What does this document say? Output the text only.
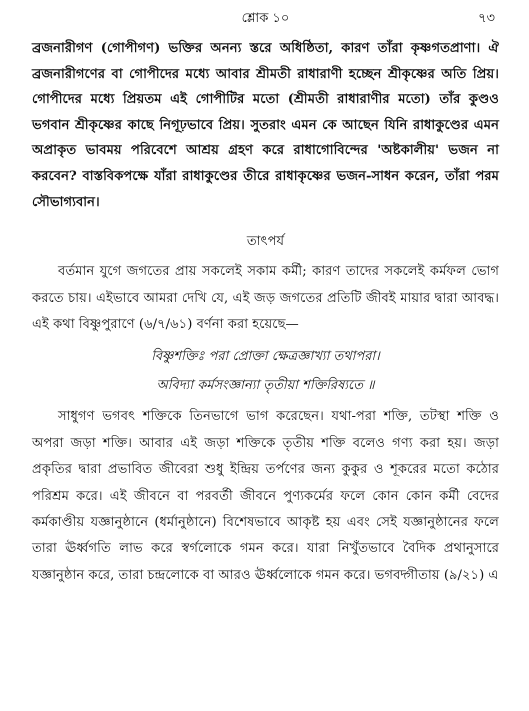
শ্লোক ১০	৭৩

ব্রজনারীগণ (গোপীগণ) ভক্তির অনন্য স্তরে অধিষ্ঠিতা, কারণ তাঁরা কৃষ্ণগতপ্রাণা। ঐ ব্রজনারীগণের বা গোপীদের মধ্যে আবার শ্রীমতী রাধারাণী হচ্ছেন শ্রীকৃষ্ণের অতি প্রিয়। গোপীদের মধ্যে প্রিয়তম এই গোপীটির মতো (শ্রীমতী রাধারাণীর মতো) তাঁর কুণ্ডও ভগবান শ্রীকৃষ্ণের কাছে নিগূঢ়ভাবে প্রিয়। সুতরাং এমন কে আছেন যিনি রাধাকুণ্ডের এমন অপ্রাকৃত ভাবময় পরিবেশে আশ্রয় গ্রহণ করে রাধাগোবিন্দের 'অষ্টকালীয়' ভজন না করবেন? বাস্তবিকপক্ষে যাঁরা রাধাকুণ্ডের তীরে রাধাকৃষ্ণের ভজন-সাধন করেন, তাঁরা পরম সৌভাগ্যবান।

তাৎপর্য

বর্তমান যুগে জগতের প্রায় সকলেই সকাম কর্মী; কারণ তাদের সকলেই কর্মফল ভোগ করতে চায়। এইভাবে আমরা দেখি যে, এই জড় জগতের প্রতিটি জীবই মায়ার দ্বারা আবদ্ধ। এই কথা বিষ্ণুপুরাণে (৬/৭/৬১) বর্ণনা করা হয়েছে—

বিষ্ণুশক্তিঃ পরা প্রোক্তা ক্ষেত্রজ্ঞাখ্যা তথাপরা।

অবিদ্যা কর্মসংজ্ঞান্যা তৃতীয়া শক্তিরিষ্যতে ॥

সাধুগণ ভগবৎ শক্তিকে তিনভাগে ভাগ করেছেন। যথা-পরা শক্তি, তটস্থা শক্তি ও অপরা জড়া শক্তি। আবার এই জড়া শক্তিকে তৃতীয় শক্তি বলেও গণ্য করা হয়। জড়া প্রকৃতির দ্বারা প্রভাবিত জীবেরা শুধু ইন্দ্রিয় তর্পণের জন্য কুকুর ও শূকরের মতো কঠোর পরিশ্রম করে। এই জীবনে বা পরবর্তী জীবনে পুণ্যকর্মের ফলে কোন কোন কর্মী বেদের কর্মকাণ্ডীয় যজ্ঞানুষ্ঠানে (ধর্মানুষ্ঠানে) বিশেষভাবে আকৃষ্ট হয় এবং সেই যজ্ঞানুষ্ঠানের ফলে তারা ঊর্ধ্বগতি লাভ করে স্বর্গলোকে গমন করে। যারা নিখুঁতভাবে বৈদিক প্রথানুসারে যজ্ঞানুষ্ঠান করে, তারা চন্দ্রলোকে বা আরও ঊর্ধ্বলোকে গমন করে। ভগবদ্গীতায় (৯/২১) এ
